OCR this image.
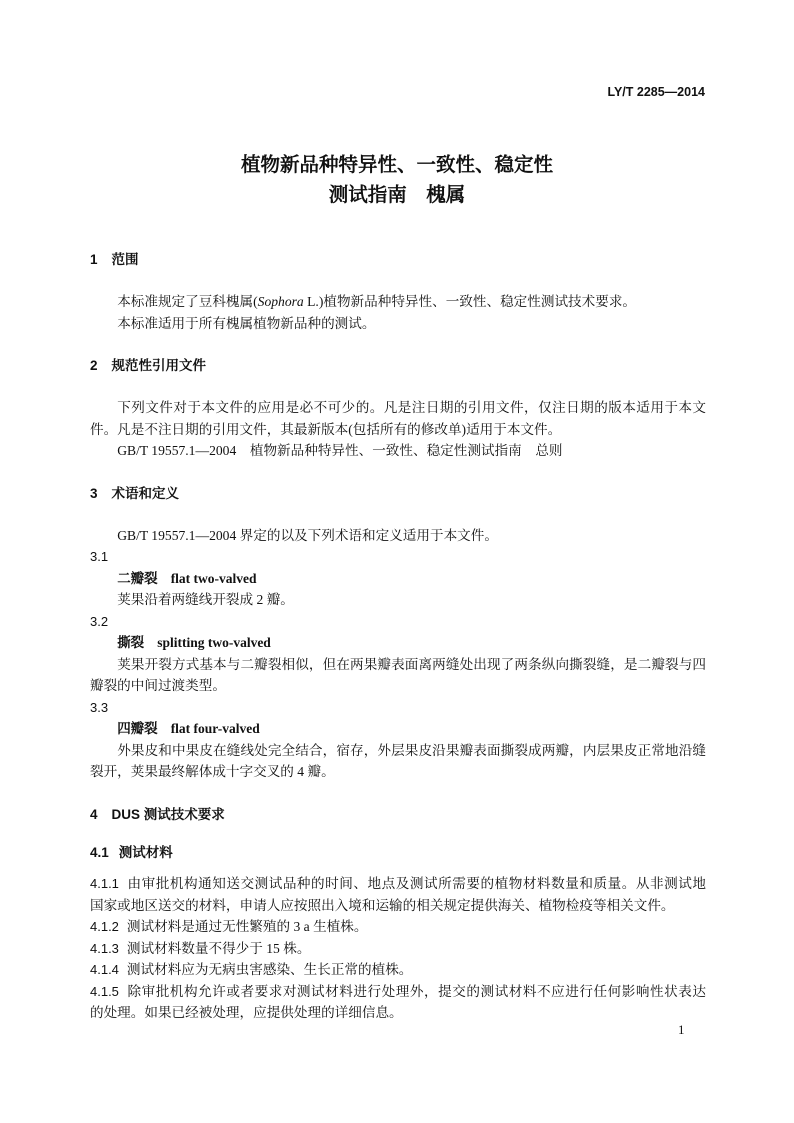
LY/T 2285—2014
植物新品种特异性、一致性、稳定性
测试指南　槐属
1 范围

本标准规定了豆科槐属(Sophora L.)植物新品种特异性、一致性、稳定性测试技术要求。

本标准适用于所有槐属植物新品种的测试。

2 规范性引用文件

下列文件对于本文件的应用是必不可少的。凡是注日期的引用文件，仅注日期的版本适用于本文
件。凡是不注日期的引用文件，其最新版本(包括所有的修改单)适用于本文件。

GB/T 19557.1—2004　植物新品种特异性、一致性、稳定性测试指南　总则

3 术语和定义

GB/T 19557.1—2004 界定的以及下列术语和定义适用于本文件。

3.1
二瓣裂 flat two-valved

荚果沿着两缝线开裂成 2 瓣。

3.2
撕裂 splitting two-valved

荚果开裂方式基本与二瓣裂相似，但在两果瓣表面离两缝处出现了两条纵向撕裂缝，是二瓣裂与四
瓣裂的中间过渡类型。

3.3
四瓣裂 flat four-valved

外果皮和中果皮在缝线处完全结合，宿存，外层果皮沿果瓣表面撕裂成两瓣，内层果皮正常地沿缝
裂开，荚果最终解体成十字交叉的 4 瓣。

4 DUS 测试技术要求
4.1 测试材料

4.1.1 由审批机构通知送交测试品种的时间、地点及测试所需要的植物材料数量和质量。从非测试地
国家或地区送交的材料，申请人应按照出入境和运输的相关规定提供海关、植物检疫等相关文件。

4.1.2 测试材料是通过无性繁殖的 3 a 生植株。

4.1.3 测试材料数量不得少于 15 株。

4.1.4 测试材料应为无病虫害感染、生长正常的植株。

4.1.5 除审批机构允许或者要求对测试材料进行处理外，提交的测试材料不应进行任何影响性状表达
的处理。如果已经被处理，应提供处理的详细信息。

1
